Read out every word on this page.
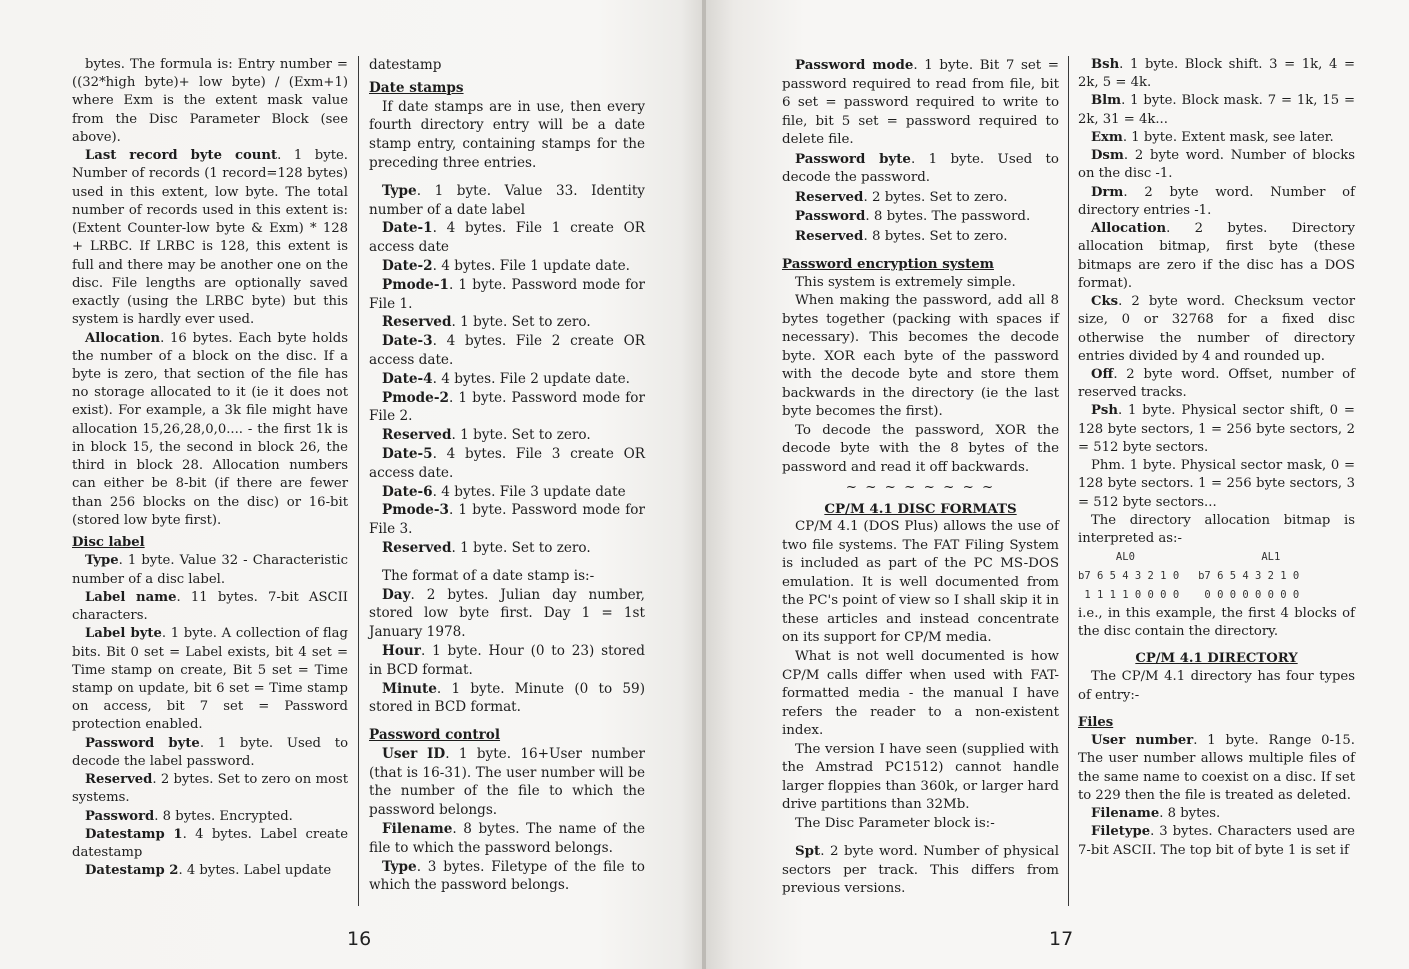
bytes. The formula is: Entry number = ((32*high byte)+ low byte) / (Exm+1) where Exm is the extent mask value from the Disc Parameter Block (see above).

Last record byte count. 1 byte. Number of records (1 record=128 bytes) used in this extent, low byte. The total number of records used in this extent is: (Extent Counter-low byte & Exm) * 128 + LRBC. If LRBC is 128, this extent is full and there may be another one on the disc. File lengths are optionally saved exactly (using the LRBC byte) but this system is hardly ever used.

Allocation. 16 bytes. Each byte holds the number of a block on the disc. If a byte is zero, that section of the file has no storage allocated to it (ie it does not exist). For example, a 3k file might have allocation 15,26,28,0,0.... - the first 1k is in block 15, the second in block 26, the third in block 28. Allocation numbers can either be 8-bit (if there are fewer than 256 blocks on the disc) or 16-bit (stored low byte first).

Disc label

Type. 1 byte. Value 32 - Characteristic number of a disc label.

Label name. 11 bytes. 7-bit ASCII characters.

Label byte. 1 byte. A collection of flag bits. Bit 0 set = Label exists, bit 4 set = Time stamp on create, Bit 5 set = Time stamp on update, bit 6 set = Time stamp on access, bit 7 set = Password protection enabled.

Password byte. 1 byte. Used to decode the label password.

Reserved. 2 bytes. Set to zero on most systems.

Password. 8 bytes. Encrypted.

Datestamp 1. 4 bytes. Label create datestamp

Datestamp 2. 4 bytes. Label update

datestamp

Date stamps

If date stamps are in use, then every fourth directory entry will be a date stamp entry, containing stamps for the preceding three entries.

Type. 1 byte. Value 33. Identity number of a date label

Date-1. 4 bytes. File 1 create OR access date

Date-2. 4 bytes. File 1 update date.

Pmode-1. 1 byte. Password mode for File 1.

Reserved. 1 byte. Set to zero.

Date-3. 4 bytes. File 2 create OR access date.

Date-4. 4 bytes. File 2 update date.

Pmode-2. 1 byte. Password mode for File 2.

Reserved. 1 byte. Set to zero.

Date-5. 4 bytes. File 3 create OR access date.

Date-6. 4 bytes. File 3 update date

Pmode-3. 1 byte. Password mode for File 3.

Reserved. 1 byte. Set to zero.

The format of a date stamp is:-

Day. 2 bytes. Julian day number, stored low byte first. Day 1 = 1st January 1978.

Hour. 1 byte. Hour (0 to 23) stored in BCD format.

Minute. 1 byte. Minute (0 to 59) stored in BCD format.

Password control

User ID. 1 byte. 16+User number (that is 16-31). The user number will be the number of the file to which the password belongs.

Filename. 8 bytes. The name of the file to which the password belongs.

Type. 3 bytes. Filetype of the file to which the password belongs.

16

Password mode. 1 byte. Bit 7 set = password required to read from file, bit 6 set = password required to write to file, bit 5 set = password required to delete file.

Password byte. 1 byte. Used to decode the password.

Reserved. 2 bytes. Set to zero.

Password. 8 bytes. The password.

Reserved. 8 bytes. Set to zero.

Password encryption system

This system is extremely simple.

When making the password, add all 8 bytes together (packing with spaces if necessary). This becomes the decode byte. XOR each byte of the password with the decode byte and store them backwards in the directory (ie the last byte becomes the first).

To decode the password, XOR the decode byte with the 8 bytes of the password and read it off backwards.

~ ~ ~ ~ ~ ~ ~ ~

CP/M 4.1 DISC FORMATS

CP/M 4.1 (DOS Plus) allows the use of two file systems. The FAT Filing System is included as part of the PC MS-DOS emulation. It is well documented from the PC's point of view so I shall skip it in these articles and instead concentrate on its support for CP/M media.

What is not well documented is how CP/M calls differ when used with FAT-formatted media - the manual I have refers the reader to a non-existent index.

The version I have seen (supplied with the Amstrad PC1512) cannot handle larger floppies than 360k, or larger hard drive partitions than 32Mb.

The Disc Parameter block is:-

Spt. 2 byte word. Number of physical sectors per track. This differs from previous versions.

Bsh. 1 byte. Block shift. 3 = 1k, 4 = 2k, 5 = 4k.

Blm. 1 byte. Block mask. 7 = 1k, 15 = 2k, 31 = 4k...

Exm. 1 byte. Extent mask, see later.

Dsm. 2 byte word. Number of blocks on the disc -1.

Drm. 2 byte word. Number of directory entries -1.

Allocation. 2 bytes. Directory allocation bitmap, first byte (these bitmaps are zero if the disc has a DOS format).

Cks. 2 byte word. Checksum vector size, 0 or 32768 for a fixed disc otherwise the number of directory entries divided by 4 and rounded up.

Off. 2 byte word. Offset, number of reserved tracks.

Psh. 1 byte. Physical sector shift, 0 = 128 byte sectors, 1 = 256 byte sectors, 2 = 512 byte sectors.

Phm. 1 byte. Physical sector mask, 0 = 128 byte sectors. 1 = 256 byte sectors, 3 = 512 byte sectors...

The directory allocation bitmap is interpreted as:-

AL0                    AL1

b7 6 5 4 3 2 1 0   b7 6 5 4 3 2 1 0

1 1 1 1 0 0 0 0    0 0 0 0 0 0 0 0

i.e., in this example, the first 4 blocks of the disc contain the directory.

CP/M 4.1 DIRECTORY

The CP/M 4.1 directory has four types of entry:-

Files

User number. 1 byte. Range 0-15. The user number allows multiple files of the same name to coexist on a disc. If set to 229 then the file is treated as deleted.

Filename. 8 bytes.

Filetype. 3 bytes. Characters used are 7-bit ASCII. The top bit of byte 1 is set if

17
